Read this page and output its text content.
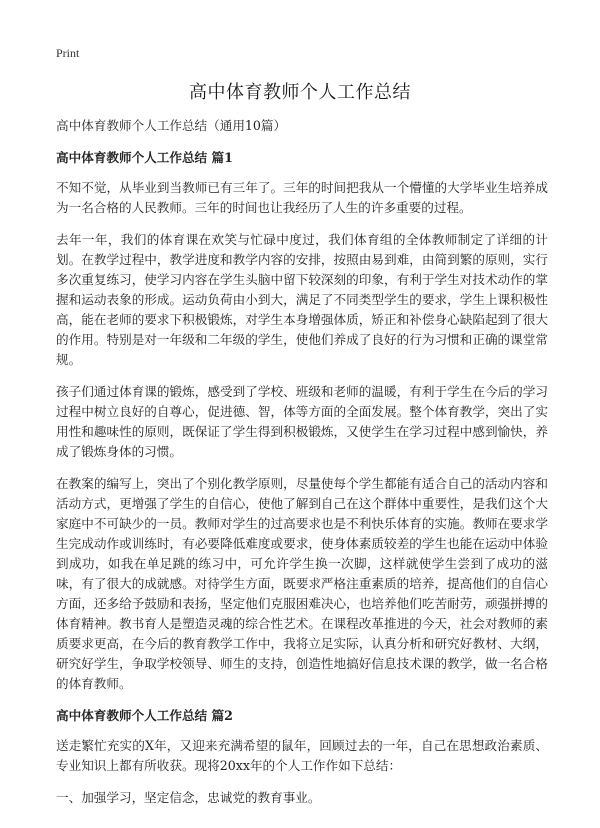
Print
高中体育教师个人工作总结

高中体育教师个人工作总结（通用10篇）

高中体育教师个人工作总结 篇1

不知不觉，从毕业到当教师已有三年了。三年的时间把我从一个懵懂的大学毕业生培养成为一名合格的人民教师。三年的时间也让我经历了人生的许多重要的过程。

去年一年，我们的体育课在欢笑与忙碌中度过，我们体育组的全体教师制定了详细的计划。在教学过程中，教学进度和教学内容的安排，按照由易到难，由简到繁的原则，实行多次重复练习，使学习内容在学生头脑中留下较深刻的印象，有利于学生对技术动作的掌握和运动表象的形成。运动负荷由小到大，满足了不同类型学生的要求，学生上课积极性高，能在老师的要求下积极锻炼，对学生本身增强体质，矫正和补偿身心缺陷起到了很大的作用。特别是对一年级和二年级的学生，使他们养成了良好的行为习惯和正确的课堂常规。

孩子们通过体育课的锻炼，感受到了学校、班级和老师的温暖，有利于学生在今后的学习过程中树立良好的自尊心，促进德、智，体等方面的全面发展。整个体育教学，突出了实用性和趣味性的原则，既保证了学生得到积极锻炼，又使学生在学习过程中感到愉快，养成了锻炼身体的习惯。

在教案的编写上，突出了个别化教学原则，尽量使每个学生都能有适合自己的活动内容和活动方式，更增强了学生的自信心，使他了解到自己在这个群体中重要性，是我们这个大家庭中不可缺少的一员。教师对学生的过高要求也是不利快乐体育的实施。教师在要求学生完成动作或训练时，有必要降低难度或要求，使身体素质较差的学生也能在运动中体验到成功，如我在单足跳的练习中，可允许学生换一次脚，这样就使学生尝到了成功的滋味，有了很大的成就感。对待学生方面，既要求严格注重素质的培养，提高他们的自信心方面，还多给予鼓励和表扬，坚定他们克服困难决心，也培养他们吃苦耐劳，顽强拼搏的体育精神。教书育人是塑造灵魂的综合性艺术。在课程改革推进的今天，社会对教师的素质要求更高，在今后的教育教学工作中，我将立足实际，认真分析和研究好教材、大纲，研究好学生，争取学校领导、师生的支持，创造性地搞好信息技术课的教学，做一名合格的体育教师。

高中体育教师个人工作总结 篇2

送走繁忙充实的X年，又迎来充满希望的鼠年，回顾过去的一年，自己在思想政治素质、专业知识上都有所收获。现将20xx年的个人工作作如下总结：

一、加强学习，坚定信念，忠诚党的教育事业。
